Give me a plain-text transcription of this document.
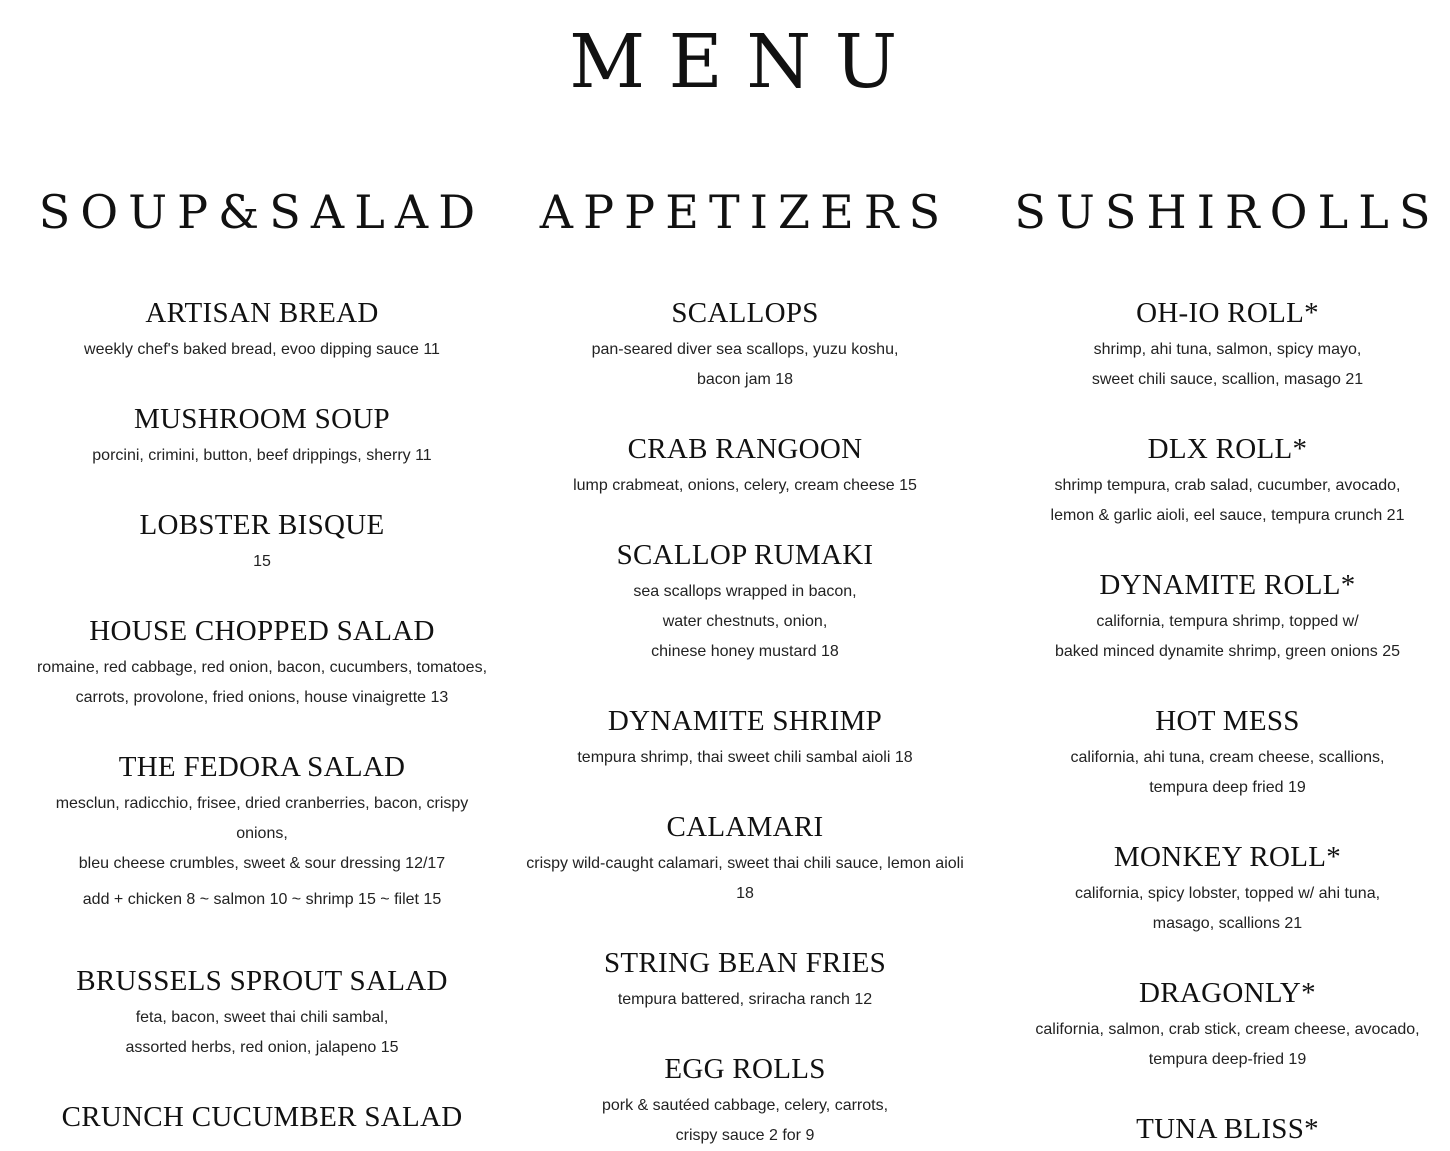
MENU
SOUP&SALAD
ARTISAN BREAD

weekly chef's baked bread, evoo dipping sauce 11

MUSHROOM SOUP

porcini, crimini, button, beef drippings, sherry 11

LOBSTER BISQUE

15

HOUSE CHOPPED SALAD

romaine, red cabbage, red onion, bacon, cucumbers, tomatoes,
carrots, provolone, fried onions, house vinaigrette 13

THE FEDORA SALAD

mesclun, radicchio, frisee, dried cranberries, bacon, crispy
onions,
bleu cheese crumbles, sweet & sour dressing 12/17

add + chicken 8 ~ salmon 10 ~ shrimp 15 ~ filet 15

BRUSSELS SPROUT SALAD

feta, bacon, sweet thai chili sambal,
assorted herbs, red onion, jalapeno 15

CRUNCH CUCUMBER SALAD
APPETIZERS
SCALLOPS

pan-seared diver sea scallops, yuzu koshu,
bacon jam 18

CRAB RANGOON

lump crabmeat, onions, celery, cream cheese 15

SCALLOP RUMAKI

sea scallops wrapped in bacon,
water chestnuts, onion,
chinese honey mustard 18

DYNAMITE SHRIMP

tempura shrimp, thai sweet chili sambal aioli 18

CALAMARI

crispy wild-caught calamari, sweet thai chili sauce, lemon aioli
18

STRING BEAN FRIES

tempura battered, sriracha ranch 12

EGG ROLLS

pork & sautéed cabbage, celery, carrots,
crispy sauce 2 for 9

SUSHIROLLS
OH-IO ROLL*

shrimp, ahi tuna, salmon, spicy mayo,
sweet chili sauce, scallion, masago 21

DLX ROLL*

shrimp tempura, crab salad, cucumber, avocado,
lemon & garlic aioli, eel sauce, tempura crunch 21

DYNAMITE ROLL*

california, tempura shrimp, topped w/
baked minced dynamite shrimp, green onions 25

HOT MESS

california, ahi tuna, cream cheese, scallions,
tempura deep fried 19

MONKEY ROLL*

california, spicy lobster, topped w/ ahi tuna,
masago, scallions 21

DRAGONLY*

california, salmon, crab stick, cream cheese, avocado,
tempura deep-fried 19

TUNA BLISS*
